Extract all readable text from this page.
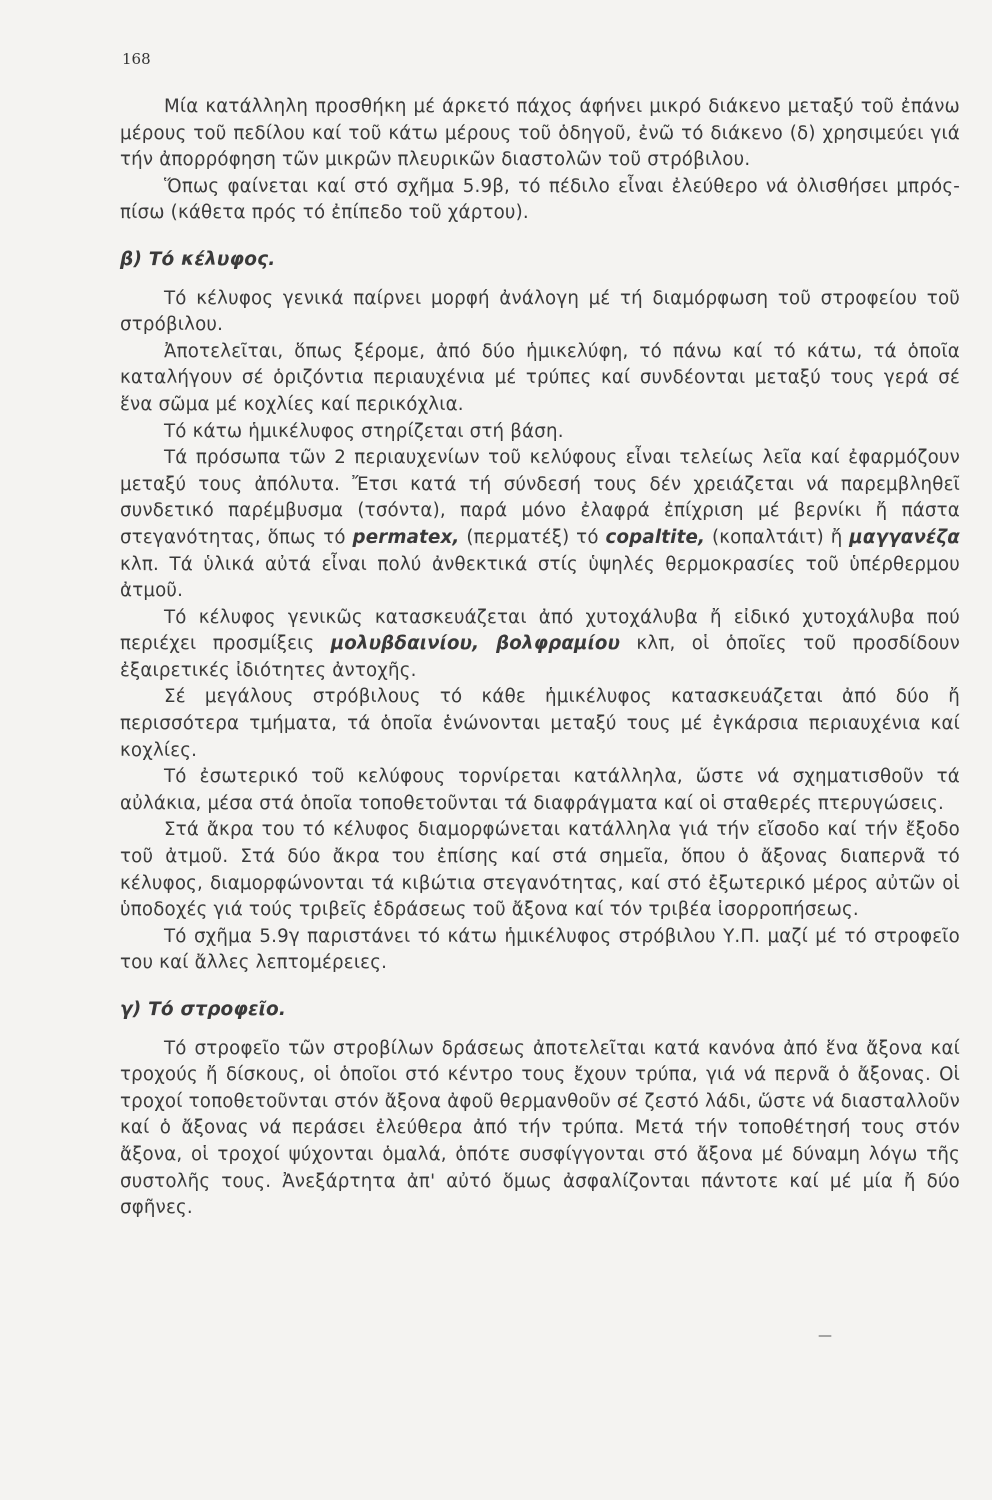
168

Μία κατάλληλη προσθήκη μέ άρκετό πάχος άφήνει μικρό διάκενο μεταξύ τοῦ ἐπάνω μέρους τοῦ πεδίλου καί τοῦ κάτω μέρους τοῦ ὁδηγοῦ, ἐνῶ τό διάκενο (δ) χρησιμεύει γιά τήν ἀπορρόφηση τῶν μικρῶν πλευρικῶν διαστολῶν τοῦ στρόβιλου.

Ὅπως φαίνεται καί στό σχῆμα 5.9β, τό πέδιλο εἶναι ἐλεύθερο νά ὀλισθήσει μπρός-πίσω (κάθετα πρός τό ἐπίπεδο τοῦ χάρτου).

β) Τό κέλυφος.

Τό κέλυφος γενικά παίρνει μορφή ἀνάλογη μέ τή διαμόρφωση τοῦ στροφείου τοῦ στρόβιλου.

Ἀποτελεῖται, ὅπως ξέρομε, ἀπό δύο ἡμικελύφη, τό πάνω καί τό κάτω, τά ὁποῖα καταλήγουν σέ ὁριζόντια περιαυχένια μέ τρύπες καί συνδέονται μεταξύ τους γερά σέ ἕνα σῶμα μέ κοχλίες καί περικόχλια.

Τό κάτω ἡμικέλυφος στηρίζεται στή βάση.

Τά πρόσωπα τῶν 2 περιαυχενίων τοῦ κελύφους εἶναι τελείως λεῖα καί ἐφαρμόζουν μεταξύ τους ἀπόλυτα. Ἔτσι κατά τή σύνδεσή τους δέν χρειάζεται νά παρεμβληθεῖ συνδετικό παρέμβυσμα (τσόντα), παρά μόνο ἐλαφρά ἐπίχριση μέ βερνίκι ἤ πάστα στεγανότητας, ὅπως τό permatex, (περματέξ) τό copaltite, (κοπαλτάιτ) ἤ μαγγανέζα κλπ. Τά ὑλικά αὐτά εἶναι πολύ ἀνθεκτικά στίς ὑψηλές θερμοκρασίες τοῦ ὑπέρθερμου ἀτμοῦ.

Τό κέλυφος γενικῶς κατασκευάζεται ἀπό χυτοχάλυβα ἤ εἰδικό χυτοχάλυβα πού περιέχει προσμίξεις μολυβδαινίου, βολφραμίου κλπ, οἱ ὁποῖες τοῦ προσδίδουν ἐξαιρετικές ἰδιότητες ἀντοχῆς.

Σέ μεγάλους στρόβιλους τό κάθε ἡμικέλυφος κατασκευάζεται ἀπό δύο ἤ περισσότερα τμήματα, τά ὁποῖα ἑνώνονται μεταξύ τους μέ ἐγκάρσια περιαυχένια καί κοχλίες.

Τό ἐσωτερικό τοῦ κελύφους τορνίρεται κατάλληλα, ὥστε νά σχηματισθοῦν τά αὐλάκια, μέσα στά ὁποῖα τοποθετοῦνται τά διαφράγματα καί οἱ σταθερές πτερυγώσεις.

Στά ἄκρα του τό κέλυφος διαμορφώνεται κατάλληλα γιά τήν εἴσοδο καί τήν ἔξοδο τοῦ ἀτμοῦ. Στά δύο ἄκρα του ἐπίσης καί στά σημεῖα, ὅπου ὁ ἄξονας διαπερνᾶ τό κέλυφος, διαμορφώνονται τά κιβώτια στεγανότητας, καί στό ἐξωτερικό μέρος αὐτῶν οἱ ὑποδοχές γιά τούς τριβεῖς ἑδράσεως τοῦ ἄξονα καί τόν τριβέα ἰσορροπήσεως.

Τό σχῆμα 5.9γ παριστάνει τό κάτω ἡμικέλυφος στρόβιλου Υ.Π. μαζί μέ τό στροφεῖο του καί ἄλλες λεπτομέρειες.

γ) Τό στροφεῖο.

Τό στροφεῖο τῶν στροβίλων δράσεως ἀποτελεῖται κατά κανόνα ἀπό ἕνα ἄξονα καί τροχούς ἤ δίσκους, οἱ ὁποῖοι στό κέντρο τους ἔχουν τρύπα, γιά νά περνᾶ ὁ ἄξονας. Οἱ τροχοί τοποθετοῦνται στόν ἄξονα ἀφοῦ θερμανθοῦν σέ ζεστό λάδι, ὥστε νά διασταλλοῦν καί ὁ ἄξονας νά περάσει ἐλεύθερα ἀπό τήν τρύπα. Μετά τήν τοποθέτησή τους στόν ἄξονα, οἱ τροχοί ψύχονται ὁμαλά, ὁπότε συσφίγγονται στό ἄξονα μέ δύναμη λόγω τῆς συστολῆς τους. Ἀνεξάρτητα ἀπ' αὐτό ὅμως ἀσφαλίζονται πάντοτε καί μέ μία ἤ δύο σφῆνες.

—
